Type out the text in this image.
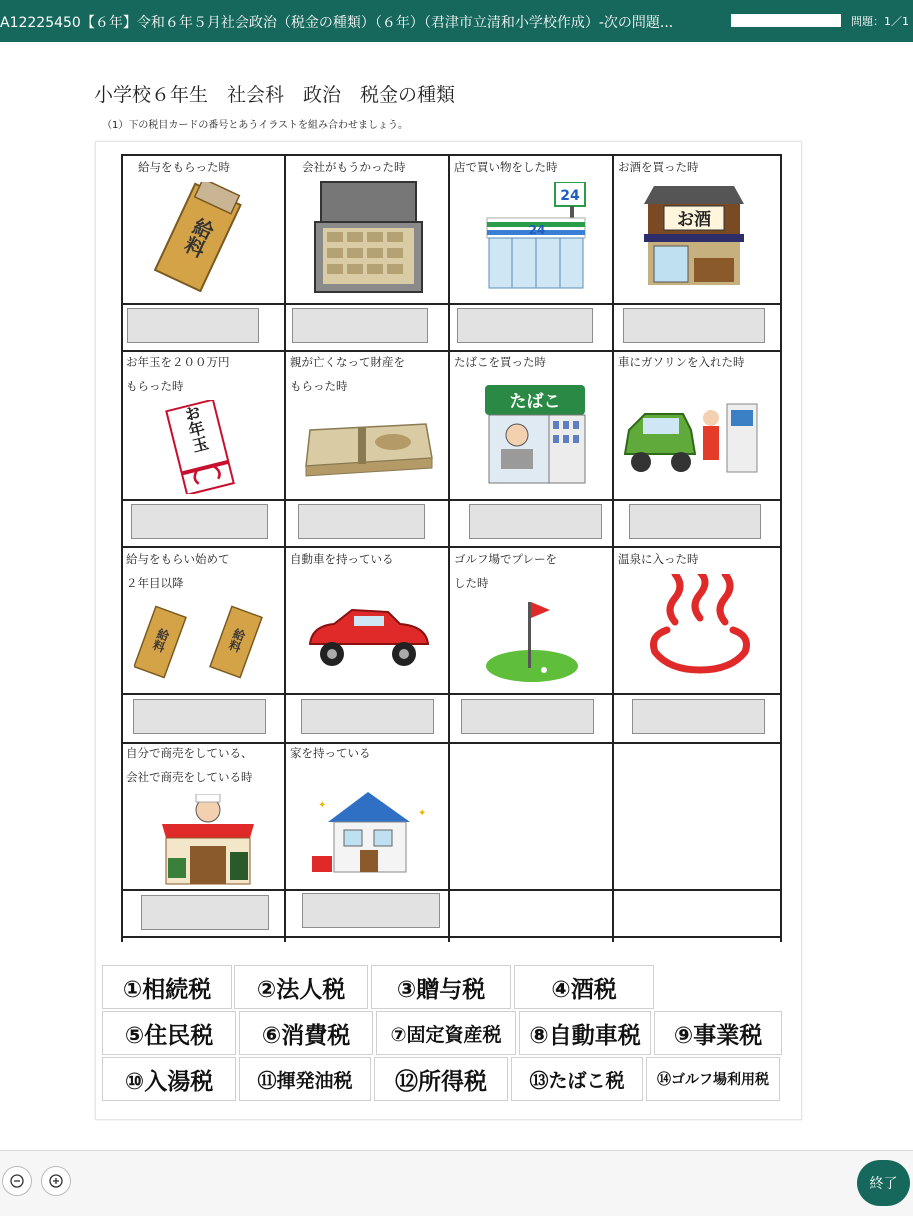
A12225450【６年】令和６年５月社会政治（税金の種類）（６年）（君津市立清和小学校作成）-次の問題...	問題：1／1
小学校６年生　社会科　政治　税金の種類
（1）下の税目カードの番号とあうイラストを組み合わせましょう。
給与をもらった時	会社がもうかった時	店で買い物をした時	お酒を買った時
お年玉を２００万円
もらった時
親が亡くなって財産を
もらった時
たばこを買った時	車にガソリンを入れた時
給与をもらい始めて
２年目以降
自動車を持っている	ゴルフ場でプレーを
した時
温泉に入った時
自分で商売をしている、
会社で商売をしている時
家を持っている
給料
24
24	お酒
お年玉
たばこ
給料	給料
✦
✦
①相続税	②法人税	③贈与税	④酒税
⑤住民税	⑥消費税	⑦固定資産税	⑧自動車税	⑨事業税
⑩入湯税	⑪揮発油税	⑫所得税	⑬たばこ税	⑭ゴルフ場利用税
終了
